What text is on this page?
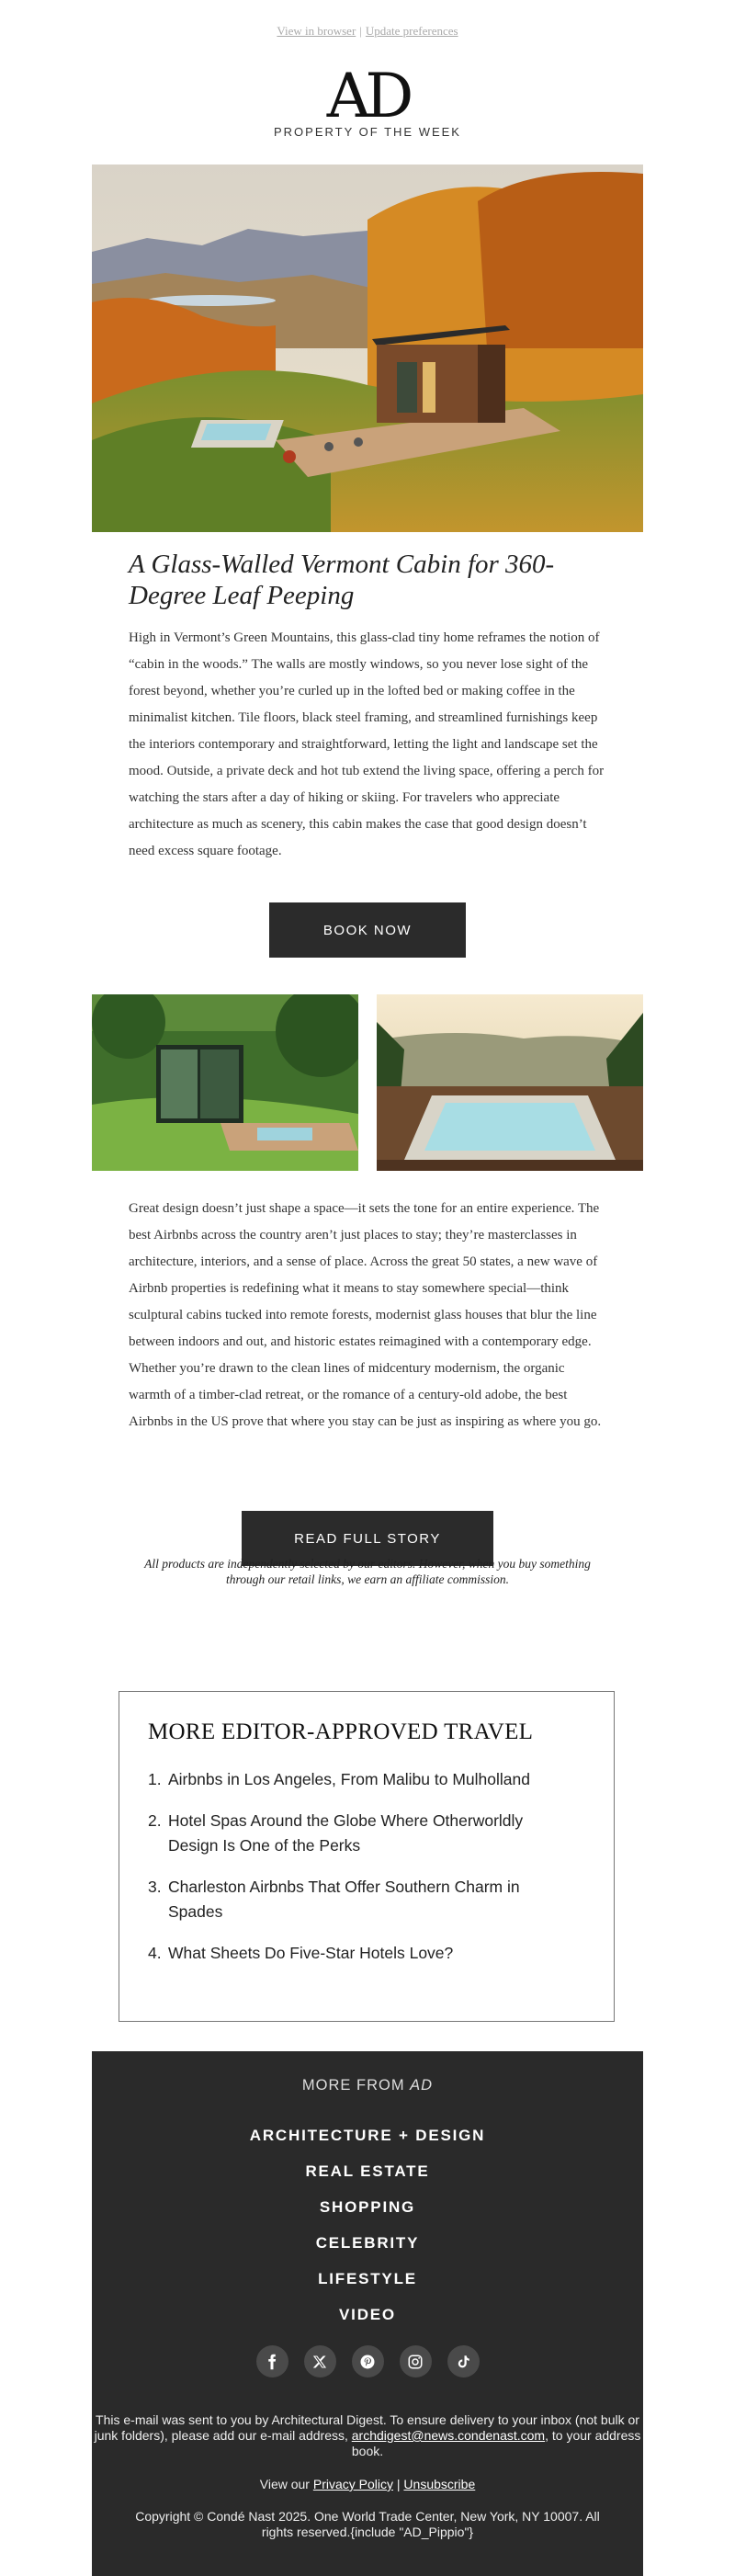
View in browser | Update preferences
AD
PROPERTY OF THE WEEK
A Glass-Walled Vermont Cabin for 360-Degree Leaf Peeping

High in Vermont’s Green Mountains, this glass-clad tiny home reframes the notion of “cabin in the woods.” The walls are mostly windows, so you never lose sight of the forest beyond, whether you’re curled up in the lofted bed or making coffee in the minimalist kitchen. Tile floors, black steel framing, and streamlined furnishings keep the interiors contemporary and straightforward, letting the light and landscape set the mood. Outside, a private deck and hot tub extend the living space, offering a perch for watching the stars after a day of hiking or skiing. For travelers who appreciate architecture as much as scenery, this cabin makes the case that good design doesn’t need excess square footage.

BOOK NOW

Great design doesn’t just shape a space—it sets the tone for an entire experience. The best Airbnbs across the country aren’t just places to stay; they’re masterclasses in architecture, interiors, and a sense of place. Across the great 50 states, a new wave of Airbnb properties is redefining what it means to stay somewhere special—think sculptural cabins tucked into remote forests, modernist glass houses that blur the line between indoors and out, and historic estates reimagined with a contemporary edge. Whether you’re drawn to the clean lines of midcentury modernism, the organic warmth of a timber-clad retreat, or the romance of a century-old adobe, the best Airbnbs in the US prove that where you stay can be just as inspiring as where you go.

READ FULL STORY
All products are independently selected by our editors. However, when you buy something through our retail links, we earn an affiliate commission.
MORE EDITOR-APPROVED TRAVEL
1. Airbnbs in Los Angeles, From Malibu to Mulholland
2. Hotel Spas Around the Globe Where Otherworldly Design Is One of the Perks
3. Charleston Airbnbs That Offer Southern Charm in Spades
4. What Sheets Do Five-Star Hotels Love?
MORE FROM AD
ARCHITECTURE + DESIGN
REAL ESTATE
SHOPPING
CELEBRITY
LIFESTYLE
VIDEO
This e-mail was sent to you by Architectural Digest. To ensure delivery to your inbox (not bulk or junk folders), please add our e-mail address, archdigest@news.condenast.com, to your address book.
View our Privacy Policy | Unsubscribe
Copyright © Condé Nast 2025. One World Trade Center, New York, NY 10007. All rights reserved.{include "AD_Pippio"}
